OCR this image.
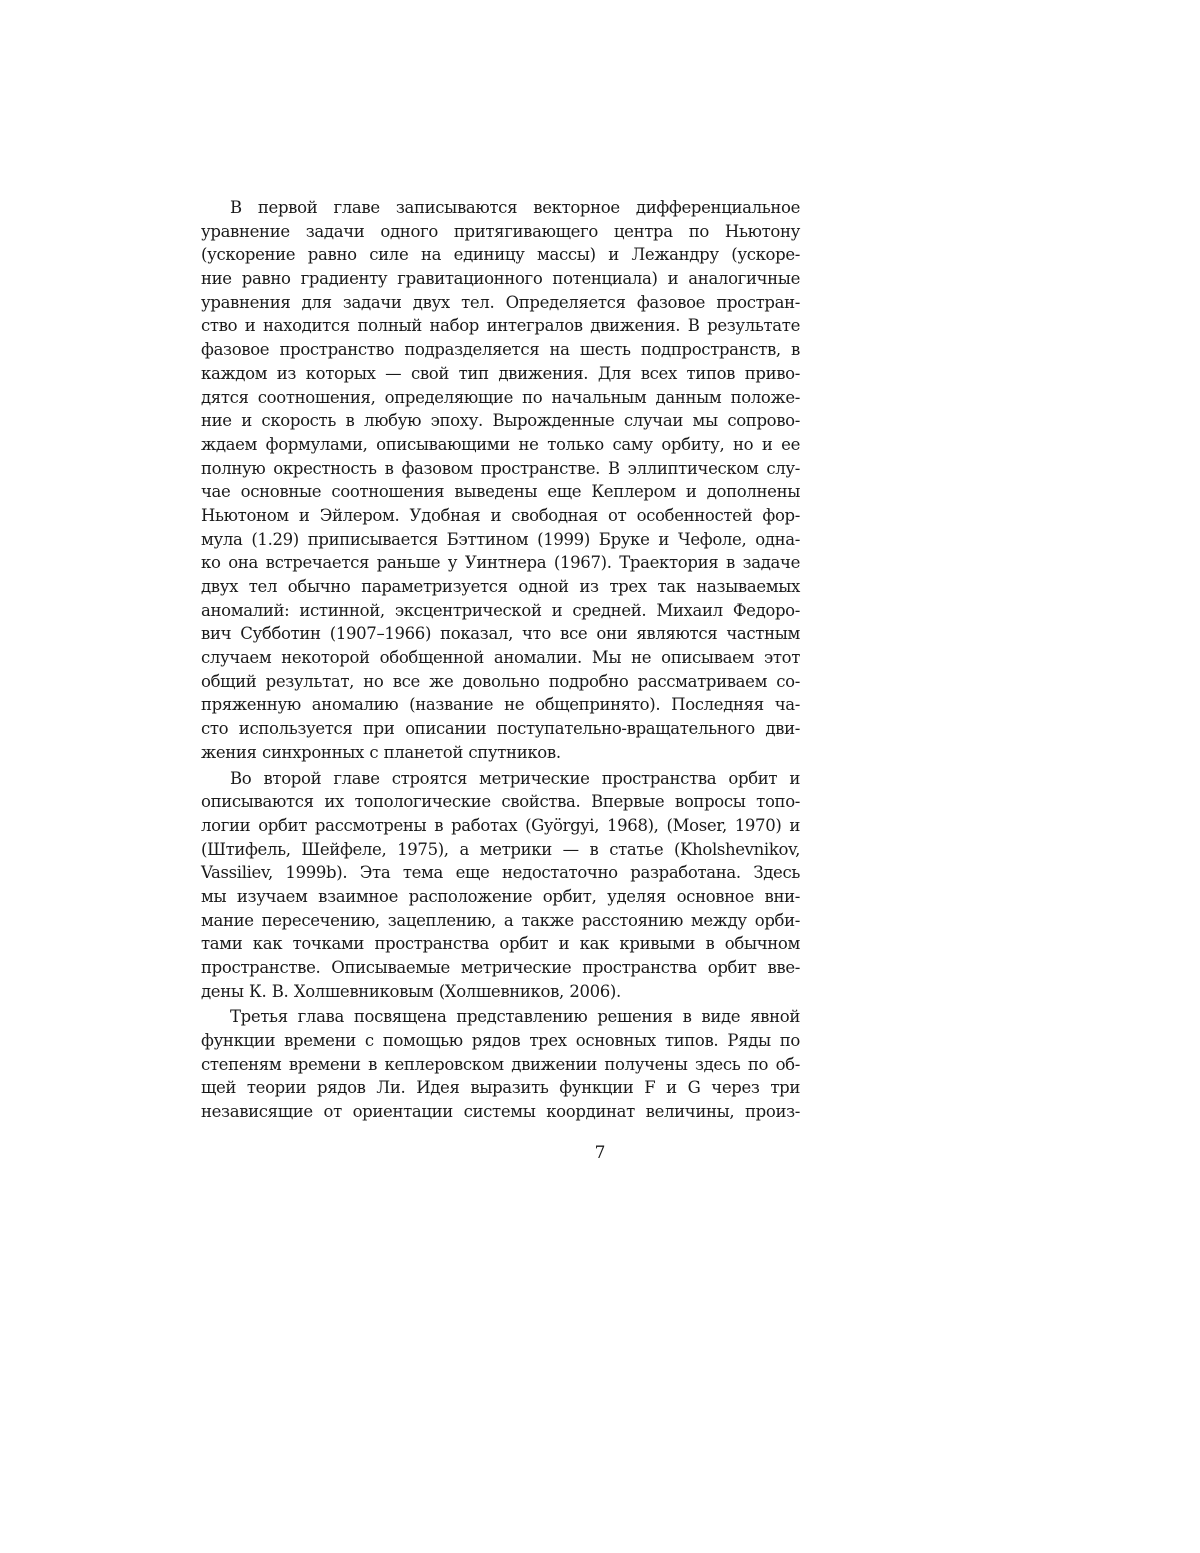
В первой главе записываются векторное дифференциальное
уравнение задачи одного притягивающего центра по Ньютону
(ускорение равно силе на единицу массы) и Лежандру (ускоре-
ние равно градиенту гравитационного потенциала) и аналогичные
уравнения для задачи двух тел. Определяется фазовое простран-
ство и находится полный набор интегралов движения. В результате
фазовое пространство подразделяется на шесть подпространств, в
каждом из которых — свой тип движения. Для всех типов приво-
дятся соотношения, определяющие по начальным данным положе-
ние и скорость в любую эпоху. Вырожденные случаи мы сопрово-
ждаем формулами, описывающими не только саму орбиту, но и ее
полную окрестность в фазовом пространстве. В эллиптическом слу-
чае основные соотношения выведены еще Кеплером и дополнены
Ньютоном и Эйлером. Удобная и свободная от особенностей фор-
мула (1.29) приписывается Бэттином (1999) Бруке и Чефоле, одна-
ко она встречается раньше у Уинтнера (1967). Траектория в задаче
двух тел обычно параметризуется одной из трех так называемых
аномалий: истинной, эксцентрической и средней. Михаил Федоро-
вич Субботин (1907–1966) показал, что все они являются частным
случаем некоторой обобщенной аномалии. Мы не описываем этот
общий результат, но все же довольно подробно рассматриваем со-
пряженную аномалию (название не общепринято). Последняя ча-
сто используется при описании поступательно-вращательного дви-
жения синхронных с планетой спутников.
Во второй главе строятся метрические пространства орбит и
описываются их топологические свойства. Впервые вопросы топо-
логии орбит рассмотрены в работах (Györgyi, 1968), (Moser, 1970) и
(Штифель, Шейфеле, 1975), а метрики — в статье (Kholshevnikov,
Vassiliev, 1999b). Эта тема еще недостаточно разработана. Здесь
мы изучаем взаимное расположение орбит, уделяя основное вни-
мание пересечению, зацеплению, а также расстоянию между орби-
тами как точками пространства орбит и как кривыми в обычном
пространстве. Описываемые метрические пространства орбит вве-
дены К. В. Холшевниковым (Холшевников, 2006).
Третья глава посвящена представлению решения в виде явной
функции времени с помощью рядов трех основных типов. Ряды по
степеням времени в кеплеровском движении получены здесь по об-
щей теории рядов Ли. Идея выразить функции F и G через три
независящие от ориентации системы координат величины, произ-
7
